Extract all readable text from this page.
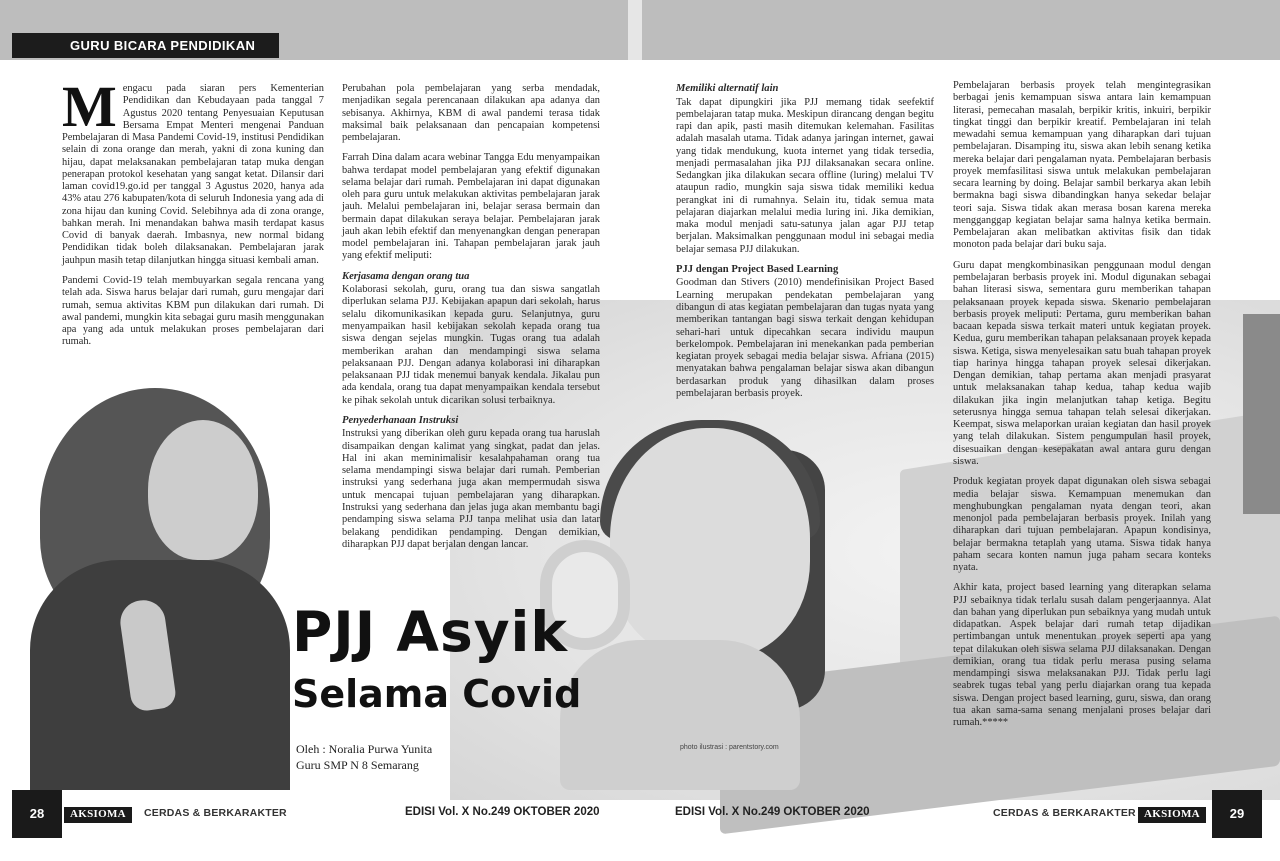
GURU BICARA PENDIDIKAN

Mengacu pada siaran pers Kementerian Pendidikan dan Kebudayaan pada tanggal 7 Agustus 2020 tentang Penyesuaian Keputusan Bersama Empat Menteri mengenai Panduan Pembelajaran di Masa Pandemi Covid-19, institusi Pendidikan selain di zona orange dan merah, yakni di zona kuning dan hijau, dapat melaksanakan pembelajaran tatap muka dengan penerapan protokol kesehatan yang sangat ketat. Dilansir dari laman covid19.go.id per tanggal 3 Agustus 2020, hanya ada 43% atau 276 kabupaten/kota di seluruh Indonesia yang ada di zona hijau dan kuning Covid. Selebihnya ada di zona orange, bahkan merah. Ini menandakan bahwa masih terdapat kasus Covid di banyak daerah. Imbasnya, new normal bidang Pendidikan tidak boleh dilaksanakan. Pembelajaran jarak jauhpun masih tetap dilanjutkan hingga situasi kembali aman.

Pandemi Covid-19 telah membuyarkan segala rencana yang telah ada. Siswa harus belajar dari rumah, guru mengajar dari rumah, semua aktivitas KBM pun dilakukan dari rumah. Di awal pandemi, mungkin kita sebagai guru masih menggunakan apa yang ada untuk melakukan proses pembelajaran dari rumah.

Perubahan pola pembelajaran yang serba mendadak, menjadikan segala perencanaan dilakukan apa adanya dan sebisanya. Akhirnya, KBM di awal pandemi terasa tidak maksimal baik pelaksanaan dan pencapaian kompetensi pembelajaran.

Farrah Dina dalam acara webinar Tangga Edu menyampaikan bahwa terdapat model pembelajaran yang efektif digunakan selama belajar dari rumah. Pembelajaran ini dapat digunakan oleh para guru untuk melakukan aktivitas pembelajaran jarak jauh. Melalui pembelajaran ini, belajar serasa bermain dan bermain dapat dilakukan seraya belajar. Pembelajaran jarak jauh akan lebih efektif dan menyenangkan dengan penerapan model pembelajaran ini. Tahapan pembelajaran jarak jauh yang efektif meliputi:

Kerjasama dengan orang tua

Kolaborasi sekolah, guru, orang tua dan siswa sangatlah diperlukan selama PJJ. Kebijakan apapun dari sekolah, harus selalu dikomunikasikan kepada guru. Selanjutnya, guru menyampaikan hasil kebijakan sekolah kepada orang tua siswa dengan sejelas mungkin. Tugas orang tua adalah memberikan arahan dan mendampingi siswa selama pelaksanaan PJJ. Dengan adanya kolaborasi ini diharapkan pelaksanaan PJJ tidak menemui banyak kendala. Jikalau pun ada kendala, orang tua dapat menyampaikan kendala tersebut ke pihak sekolah untuk dicarikan solusi terbaiknya.

Penyederhanaan Instruksi

Instruksi yang diberikan oleh guru kepada orang tua haruslah disampaikan dengan kalimat yang singkat, padat dan jelas. Hal ini akan meminimalisir kesalahpahaman orang tua selama mendampingi siswa belajar dari rumah. Pemberian instruksi yang sederhana juga akan mempermudah siswa untuk mencapai tujuan pembelajaran yang diharapkan. Instruksi yang sederhana dan jelas juga akan membantu bagi pendamping siswa selama PJJ tanpa melihat usia dan latar belakang pendidikan pendamping. Dengan demikian, diharapkan PJJ dapat berjalan dengan lancar.

Memiliki alternatif lain

Tak dapat dipungkiri jika PJJ memang tidak seefektif pembelajaran tatap muka. Meskipun dirancang dengan begitu rapi dan apik, pasti masih ditemukan kelemahan. Fasilitas adalah masalah utama. Tidak adanya jaringan internet, gawai yang tidak mendukung, kuota internet yang tidak tersedia, menjadi permasalahan jika PJJ dilaksanakan secara online. Sedangkan jika dilakukan secara offline (luring) melalui TV ataupun radio, mungkin saja siswa tidak memiliki kedua perangkat ini di rumahnya. Selain itu, tidak semua mata pelajaran diajarkan melalui media luring ini. Jika demikian, maka modul menjadi satu-satunya jalan agar PJJ tetap berjalan. Maksimalkan penggunaan modul ini sebagai media belajar semasa PJJ dilakukan.

PJJ dengan Project Based Learning

Goodman dan Stivers (2010) mendefinisikan Project Based Learning merupakan pendekatan pembelajaran yang dibangun di atas kegiatan pembelajaran dan tugas nyata yang memberikan tantangan bagi siswa terkait dengan kehidupan sehari-hari untuk dipecahkan secara individu maupun berkelompok. Pembelajaran ini menekankan pada pemberian kegiatan proyek sebagai media belajar siswa. Afriana (2015) menyatakan bahwa pengalaman belajar siswa akan dibangun berdasarkan produk yang dihasilkan dalam proses pembelajaran berbasis proyek.

Pembelajaran berbasis proyek telah mengintegrasikan berbagai jenis kemampuan siswa antara lain kemampuan literasi, pemecahan masalah, berpikir kritis, inkuiri, berpikir tingkat tinggi dan berpikir kreatif. Pembelajaran ini telah mewadahi semua kemampuan yang diharapkan dari tujuan pembelajaran. Disamping itu, siswa akan lebih senang ketika mereka belajar dari pengalaman nyata. Pembelajaran berbasis proyek memfasilitasi siswa untuk melakukan pembelajaran secara learning by doing. Belajar sambil berkarya akan lebih bermakna bagi siswa dibandingkan hanya sekedar belajar teori saja. Siswa tidak akan merasa bosan karena mereka mengganggap kegiatan belajar sama halnya ketika bermain. Pembelajaran akan melibatkan aktivitas fisik dan tidak monoton pada belajar dari buku saja.

Guru dapat mengkombinasikan penggunaan modul dengan pembelajaran berbasis proyek ini. Modul digunakan sebagai bahan literasi siswa, sementara guru memberikan tahapan pelaksanaan proyek kepada siswa. Skenario pembelajaran berbasis proyek meliputi: Pertama, guru memberikan bahan bacaan kepada siswa terkait materi untuk kegiatan proyek. Kedua, guru memberikan tahapan pelaksanaan proyek kepada siswa. Ketiga, siswa menyelesaikan satu buah tahapan proyek tiap harinya hingga tahapan proyek selesai dikerjakan. Dengan demikian, tahap pertama akan menjadi prasyarat untuk melaksanakan tahap kedua, tahap kedua wajib dilakukan jika ingin melanjutkan tahap ketiga. Begitu seterusnya hingga semua tahapan telah selesai dikerjakan. Keempat, siswa melaporkan uraian kegiatan dan hasil proyek yang telah dilakukan. Sistem pengumpulan hasil proyek, disesuaikan dengan kesepakatan awal antara guru dengan siswa.

Produk kegiatan proyek dapat digunakan oleh siswa sebagai media belajar siswa. Kemampuan menemukan dan menghubungkan pengalaman nyata dengan teori, akan menonjol pada pembelajaran berbasis proyek. Inilah yang diharapkan dari tujuan pembelajaran. Apapun kondisinya, belajar bermakna tetaplah yang utama. Siswa tidak hanya paham secara konten namun juga paham secara konteks nyata.

Akhir kata, project based learning yang diterapkan selama PJJ sebaiknya tidak terlalu susah dalam pengerjaannya. Alat dan bahan yang diperlukan pun sebaiknya yang mudah untuk didapatkan. Aspek belajar dari rumah tetap dijadikan pertimbangan untuk menentukan proyek seperti apa yang tepat dilakukan oleh siswa selama PJJ dilaksanakan. Dengan demikian, orang tua tidak perlu merasa pusing selama mendampingi siswa melaksanakan PJJ. Tidak perlu lagi seabrek tugas tebal yang perlu diajarkan orang tua kepada siswa. Dengan project based learning, guru, siswa, dan orang tua akan sama-sama senang menjalani proses belajar dari rumah.*****

PJJ Asyik
Selama Covid
Oleh : Noralia Purwa Yunita
Guru SMP N 8 Semarang
photo ilustrasi : parentstory.com
28	AKSIOMA	CERDAS & BERKARAKTER	EDISI Vol. X No.249 OKTOBER 2020	EDISI Vol. X No.249 OKTOBER 2020	CERDAS & BERKARAKTER AKSIOMA	29
